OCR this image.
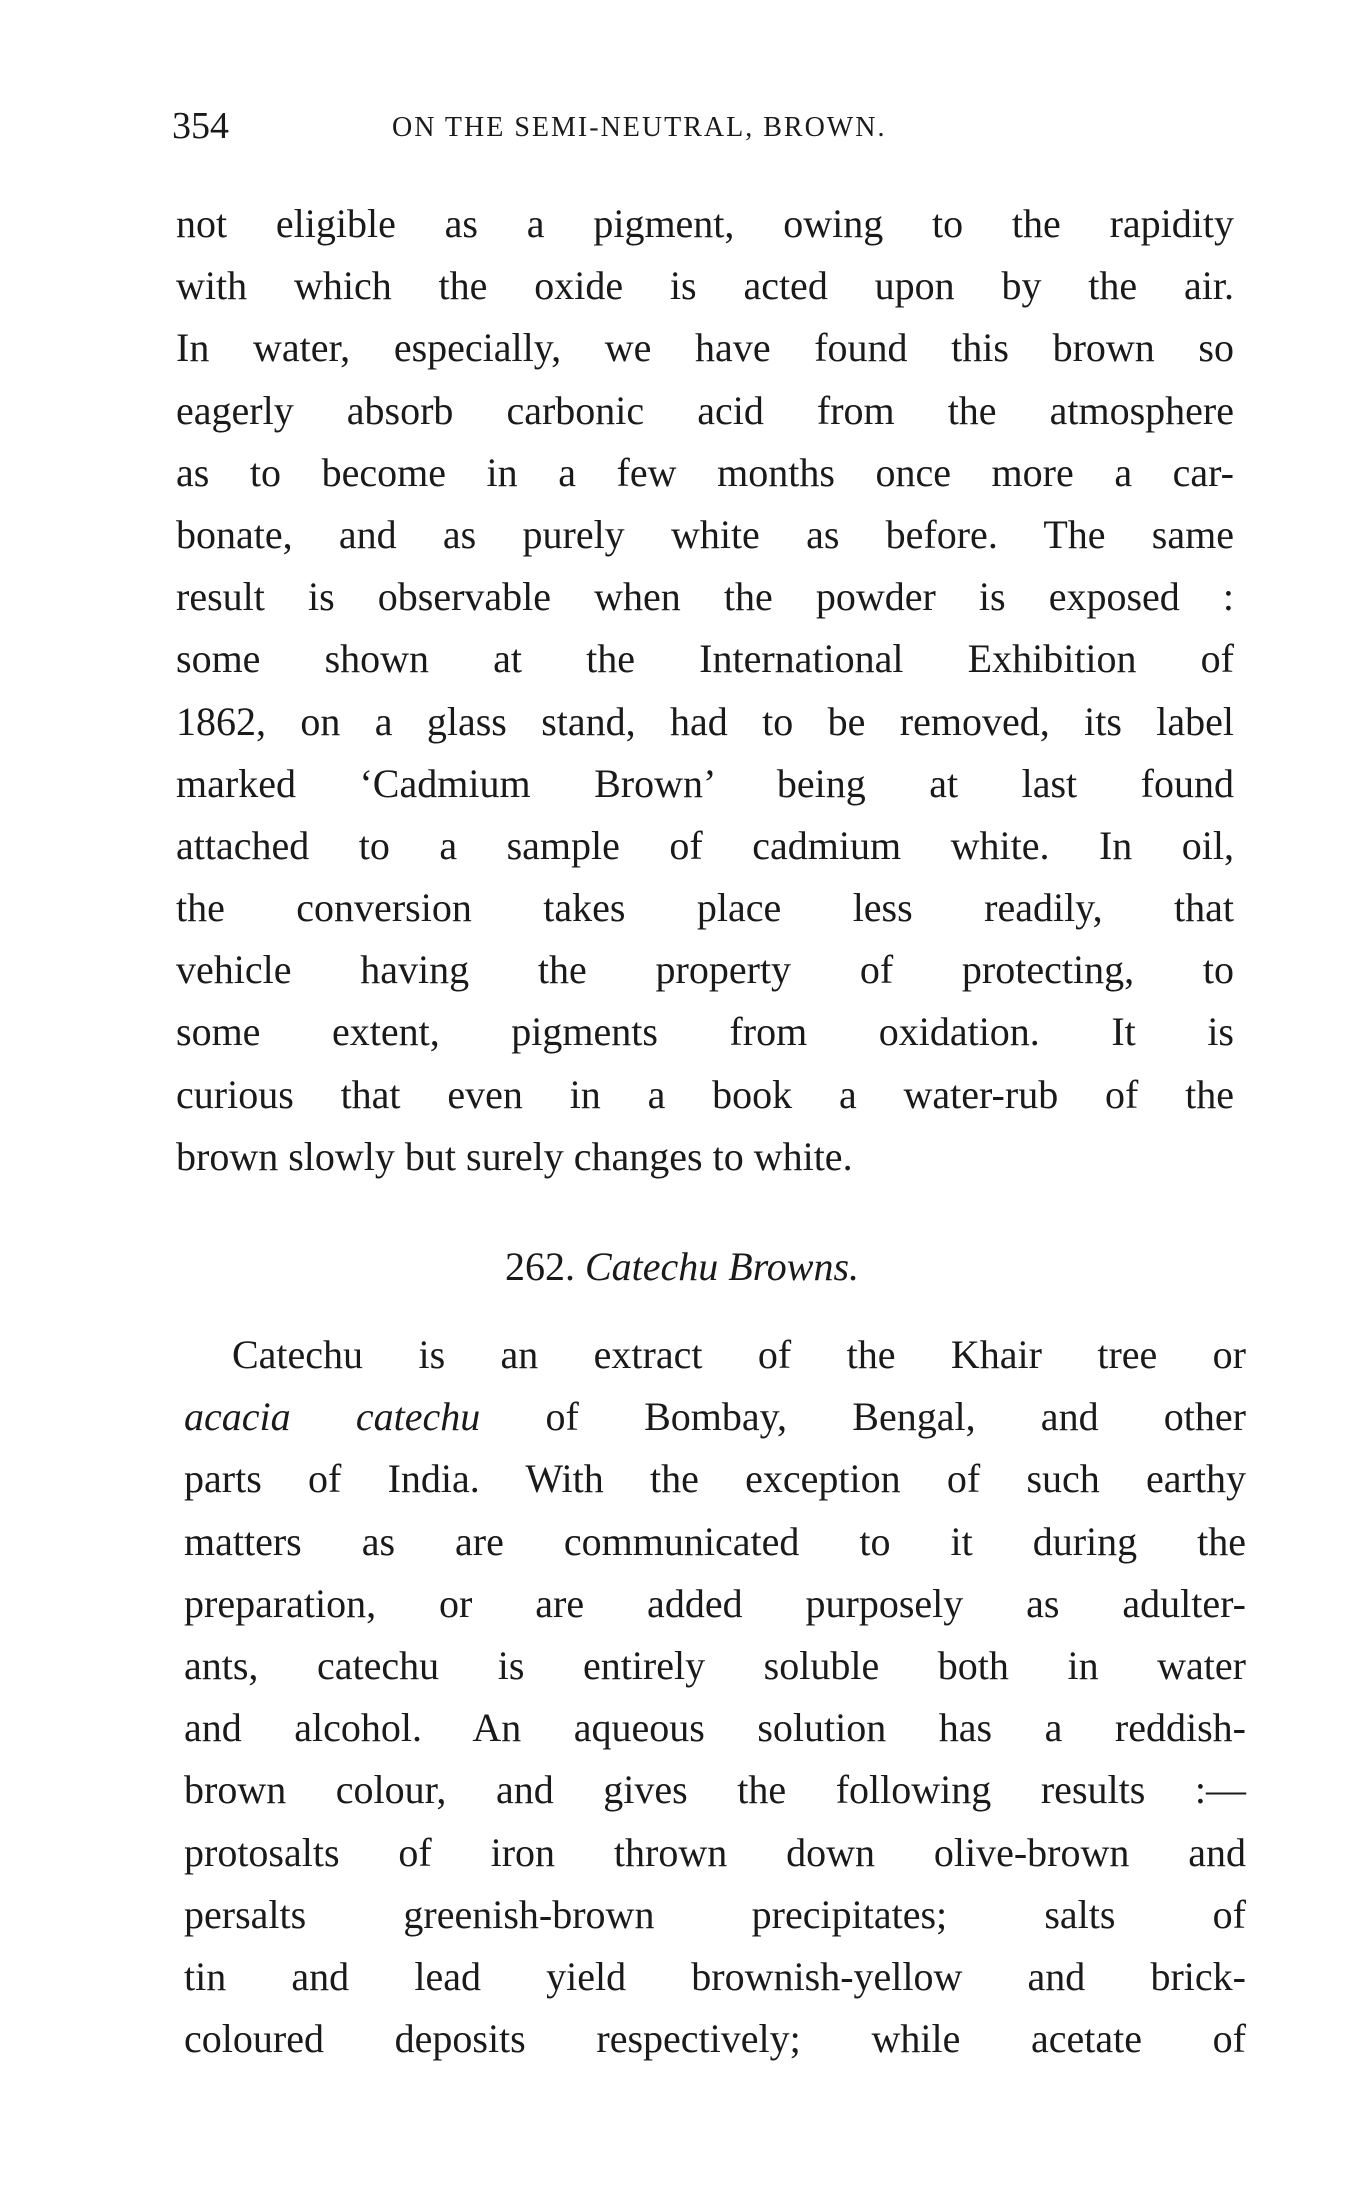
354	ON THE SEMI-NEUTRAL, BROWN.
not eligible as a pigment, owing to the rapidity
with which the oxide is acted upon by the air.
In water, especially, we have found this brown so
eagerly absorb carbonic acid from the atmosphere
as to become in a few months once more a car-
bonate, and as purely white as before. The same
result is observable when the powder is exposed :
some shown at the International Exhibition of
1862, on a glass stand, had to be removed, its label
marked ‘Cadmium Brown’ being at last found
attached to a sample of cadmium white. In oil,
the conversion takes place less readily, that
vehicle having the property of protecting, to
some extent, pigments from oxidation. It is
curious that even in a book a water-rub of the
brown slowly but surely changes to white.
262. Catechu Browns.
Catechu is an extract of the Khair tree or
acacia catechu of Bombay, Bengal, and other
parts of India. With the exception of such earthy
matters as are communicated to it during the
preparation, or are added purposely as adulter-
ants, catechu is entirely soluble both in water
and alcohol. An aqueous solution has a reddish-
brown colour, and gives the following results :—
protosalts of iron thrown down olive-brown and
persalts greenish-brown precipitates; salts of
tin and lead yield brownish-yellow and brick-
coloured deposits respectively; while acetate of
